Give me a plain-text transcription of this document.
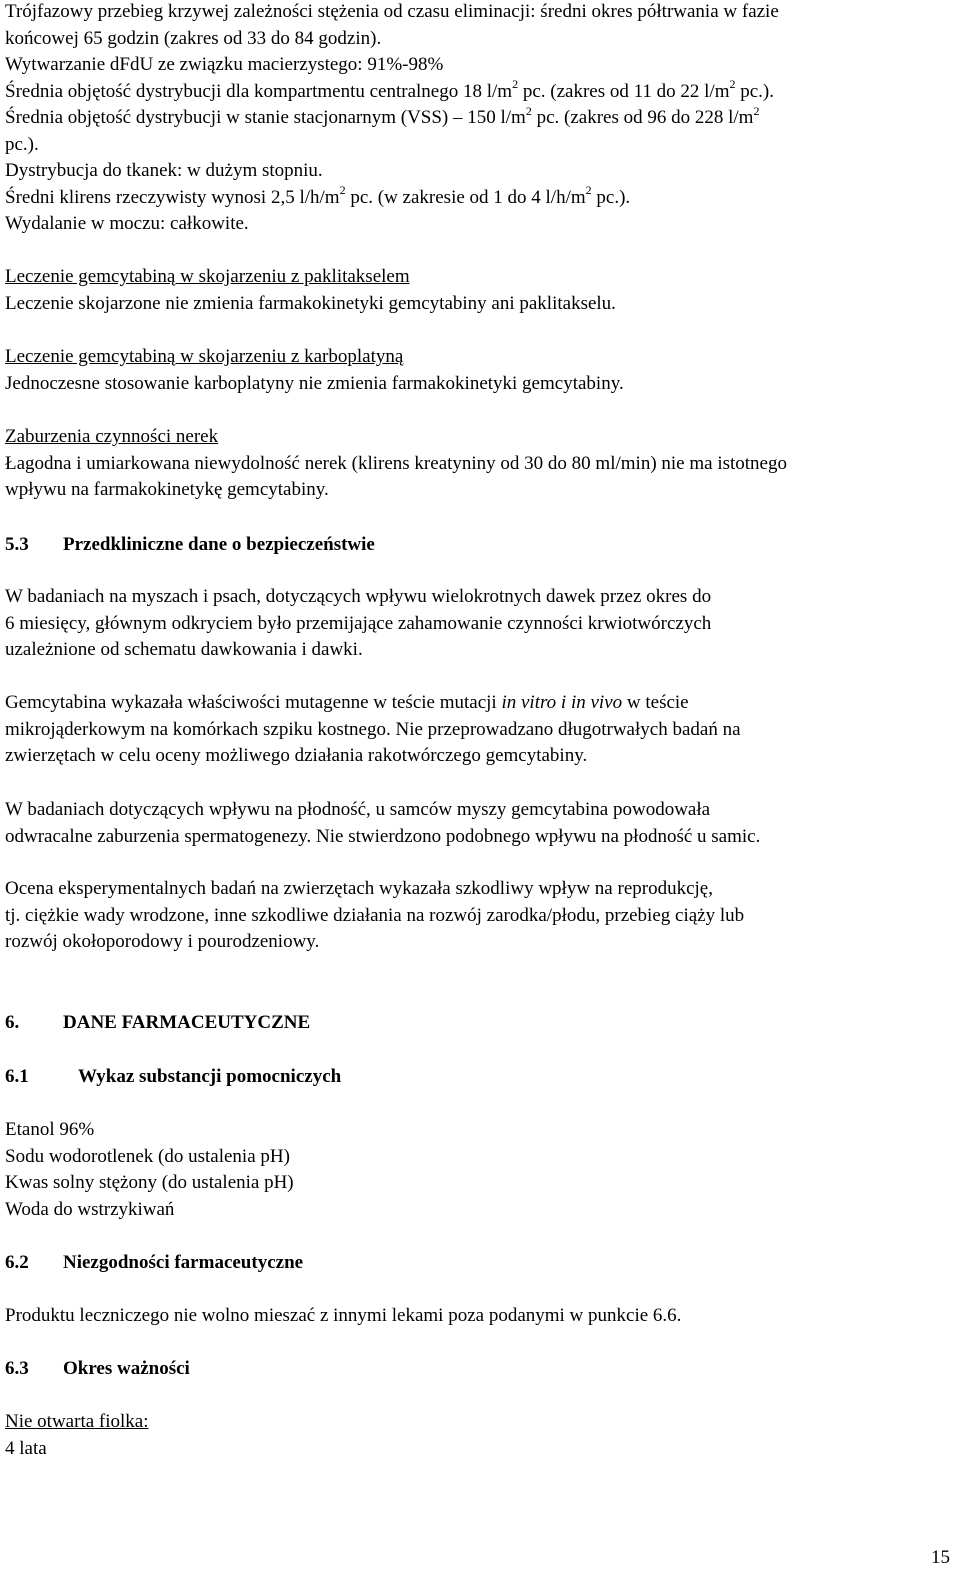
Trójfazowy przebieg krzywej zależności stężenia od czasu eliminacji: średni okres półtrwania w fazie

końcowej 65 godzin (zakres od 33 do 84 godzin).

Wytwarzanie dFdU ze związku macierzystego: 91%-98%

Średnia objętość dystrybucji dla kompartmentu centralnego 18 $l/m^2$ pc. (zakres od 11 do 22 $l/m^2$ pc.).

Średnia objętość dystrybucji w stanie stacjonarnym (VSS) – 150 $l/m^2$ pc. (zakres od 96 do 228 $l/m^2$

pc.).

Dystrybucja do tkanek: w dużym stopniu.

Średni klirens rzeczywisty wynosi 2,5 $l/h/m^2$ pc. (w zakresie od 1 do 4 $l/h/m^2$ pc.).

Wydalanie w moczu: całkowite.

Leczenie gemcytabiną w skojarzeniu z paklitakselem

Leczenie skojarzone nie zmienia farmakokinetyki gemcytabiny ani paklitakselu.

Leczenie gemcytabiną w skojarzeniu z karboplatyną

Jednoczesne stosowanie karboplatyny nie zmienia farmakokinetyki gemcytabiny.

Zaburzenia czynności nerek

Łagodna i umiarkowana niewydolność nerek (klirens kreatyniny od 30 do 80 ml/min) nie ma istotnego

wpływu na farmakokinetykę gemcytabiny.

5.3 Przedkliniczne dane o bezpieczeństwie

W badaniach na myszach i psach, dotyczących wpływu wielokrotnych dawek przez okres do

6 miesięcy, głównym odkryciem było przemijające zahamowanie czynności krwiotwórczych

uzależnione od schematu dawkowania i dawki.

Gemcytabina wykazała właściwości mutagenne w teście mutacji in vitro i in vivo w teście

mikrojąderkowym na komórkach szpiku kostnego. Nie przeprowadzano długotrwałych badań na

zwierzętach w celu oceny możliwego działania rakotwórczego gemcytabiny.

W badaniach dotyczących wpływu na płodność, u samców myszy gemcytabina powodowała

odwracalne zaburzenia spermatogenezy. Nie stwierdzono podobnego wpływu na płodność u samic.

Ocena eksperymentalnych badań na zwierzętach wykazała szkodliwy wpływ na reprodukcję,

tj. ciężkie wady wrodzone, inne szkodliwe działania na rozwój zarodka/płodu, przebieg ciąży lub

rozwój okołoporodowy i pourodzeniowy.

6. DANE FARMACEUTYCZNE

6.1	Wykaz substancji pomocniczych

Etanol 96%

Sodu wodorotlenek (do ustalenia pH)

Kwas solny stężony (do ustalenia pH)

Woda do wstrzykiwań

6.2 Niezgodności farmaceutyczne

Produktu leczniczego nie wolno mieszać z innymi lekami poza podanymi w punkcie 6.6.

6.3 Okres ważności

Nie otwarta fiolka:

4 lata

15
